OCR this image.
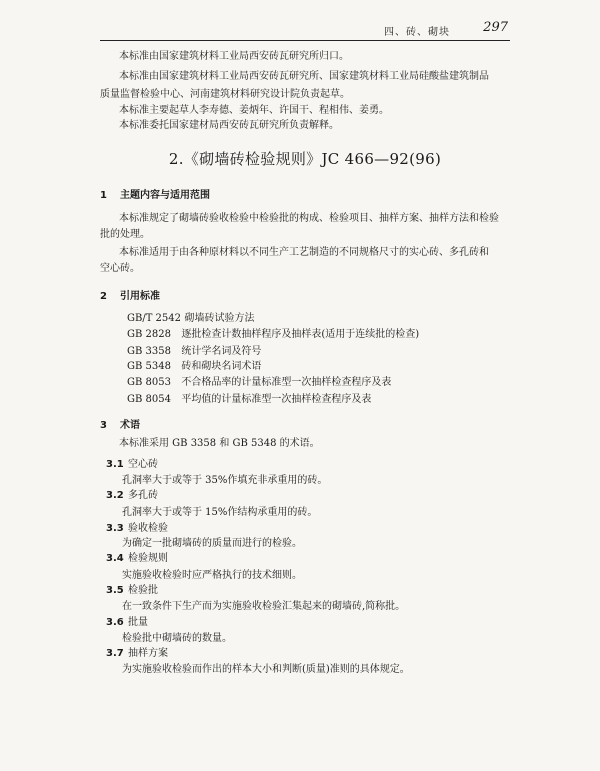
四、砖、砌块	297
本标准由国家建筑材料工业局西安砖瓦研究所归口。
本标准由国家建筑材料工业局西安砖瓦研究所、国家建筑材料工业局硅酸盐建筑制品
质量监督检验中心、河南建筑材料研究设计院负责起草。
本标准主要起草人李寿德、姜炳年、许国干、程相伟、姜勇。
本标准委托国家建材局西安砖瓦研究所负责解释。
2.《砌墙砖检验规则》JC 466—92(96)
1 主题内容与适用范围
本标准规定了砌墙砖验收检验中检验批的构成、检验项目、抽样方案、抽样方法和检验
批的处理。
本标准适用于由各种原材料以不同生产工艺制造的不同规格尺寸的实心砖、多孔砖和
空心砖。
2 引用标准
GB/T 2542 砌墙砖试验方法
GB 2828 逐批检查计数抽样程序及抽样表(适用于连续批的检查)
GB 3358 统计学名词及符号
GB 5348 砖和砌块名词术语
GB 8053 不合格品率的计量标准型一次抽样检查程序及表
GB 8054 平均值的计量标准型一次抽样检查程序及表
3 术语
本标准采用 GB 3358 和 GB 5348 的术语。
3.1 空心砖
孔洞率大于或等于 35%作填充非承重用的砖。
3.2 多孔砖
孔洞率大于或等于 15%作结构承重用的砖。
3.3 验收检验
为确定一批砌墙砖的质量而进行的检验。
3.4 检验规则
实施验收检验时应严格执行的技术细则。
3.5 检验批
在一致条件下生产而为实施验收检验汇集起来的砌墙砖,简称批。
3.6 批量
检验批中砌墙砖的数量。
3.7 抽样方案
为实施验收检验而作出的样本大小和判断(质量)准则的具体规定。
